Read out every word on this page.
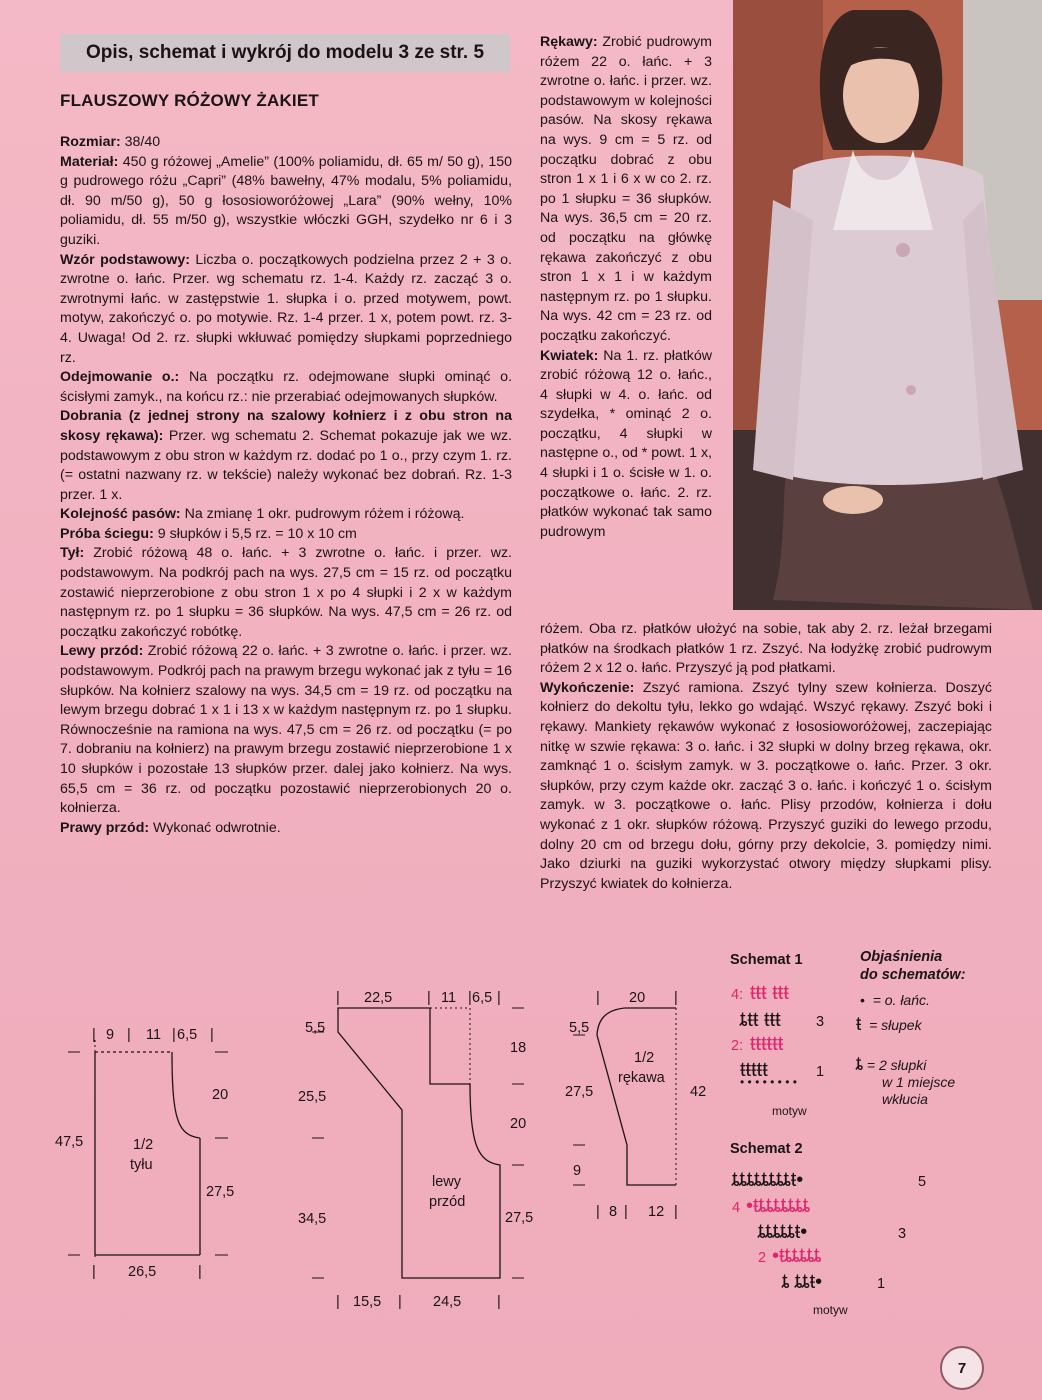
Opis, schemat i wykrój do modelu 3 ze str. 5
FLAUSZOWY RÓŻOWY ŻAKIET

Rozmiar: 38/40

Materiał: 450 g różowej „Amelie” (100% poliamidu, dł. 65 m/ 50 g), 150 g pudrowego różu „Capri” (48% bawełny, 47% modalu, 5% poliamidu, dł. 90 m/50 g), 50 g łososioworóżowej „Lara” (90% wełny, 10% poliamidu, dł. 55 m/50 g), wszystkie włóczki GGH, szydełko nr 6 i 3 guziki.

Wzór podstawowy: Liczba o. początkowych podzielna przez 2 + 3 o. zwrotne o. łańc. Przer. wg schematu rz. 1-4. Każdy rz. zacząć 3 o. zwrotnymi łańc. w zastępstwie 1. słupka i o. przed motywem, powt. motyw, zakończyć o. po motywie. Rz. 1-4 przer. 1 x, potem powt. rz. 3-4. Uwaga! Od 2. rz. słupki wkłuwać pomiędzy słupkami poprzedniego rz.

Odejmowanie o.: Na początku rz. odejmowane słupki ominąć o. ścisłymi zamyk., na końcu rz.: nie przerabiać odejmowanych słupków.

Dobrania (z jednej strony na szalowy kołnierz i z obu stron na skosy rękawa): Przer. wg schematu 2. Schemat pokazuje jak we wz. podstawowym z obu stron w każdym rz. dodać po 1 o., przy czym 1. rz. (= ostatni nazwany rz. w tekście) należy wykonać bez dobrań. Rz. 1-3 przer. 1 x.

Kolejność pasów: Na zmianę 1 okr. pudrowym różem i różową.

Próba ściegu: 9 słupków i 5,5 rz. = 10 x 10 cm

Tył: Zrobić różową 48 o. łańc. + 3 zwrotne o. łańc. i przer. wz. podstawowym. Na podkrój pach na wys. 27,5 cm = 15 rz. od początku zostawić nieprzerobione z obu stron 1 x po 4 słupki i 2 x w każdym następnym rz. po 1 słupku = 36 słupków. Na wys. 47,5 cm = 26 rz. od początku zakończyć robótkę.

Lewy przód: Zrobić różową 22 o. łańc. + 3 zwrotne o. łańc. i przer. wz. podstawowym. Podkrój pach na prawym brzegu wykonać jak z tyłu = 16 słupków. Na kołnierz szalowy na wys. 34,5 cm = 19 rz. od początku na lewym brzegu dobrać 1 x 1 i 13 x w każdym następnym rz. po 1 słupku. Równocześnie na ramiona na wys. 47,5 cm = 26 rz. od początku (= po 7. dobraniu na kołnierz) na prawym brzegu zostawić nieprzerobione 1 x 10 słupków i pozostałe 13 słupków przer. dalej jako kołnierz. Na wys. 65,5 cm = 36 rz. od początku pozostawić nieprzerobionych 20 o. kołnierza.

Prawy przód: Wykonać odwrotnie.

Rękawy: Zrobić pudrowym różem 22 o. łańc. + 3 zwrotne o. łańc. i przer. wz. podstawowym w kolejności pasów. Na skosy rękawa na wys. 9 cm = 5 rz. od początku dobrać z obu stron 1 x 1 i 6 x w co 2. rz. po 1 słupku = 36 słupków. Na wys. 36,5 cm = 20 rz. od początku na główkę rękawa zakończyć z obu stron 1 x 1 i w każdym następnym rz. po 1 słupku. Na wys. 42 cm = 23 rz. od początku zakończyć.

Kwiatek: Na 1. rz. płatków zrobić różową 12 o. łańc., 4 słupki w 4. o. łańc. od szydełka, * ominąć 2 o. początku, 4 słupki w następne o., od * powt. 1 x, 4 słupki i 1 o. ścisłe w 1. o. początkowe o. łańc. 2. rz. płatków wykonać tak samo pudrowym

różem. Oba rz. płatków ułożyć na sobie, tak aby 2. rz. leżał brzegami płatków na środkach płatków 1 rz. Zszyć. Na łodyżkę zrobić pudrowym różem 2 x 12 o. łańc. Przyszyć ją pod płatkami.

Wykończenie: Zszyć ramiona. Zszyć tylny szew kołnierza. Doszyć kołnierz do dekoltu tyłu, lekko go wdająć. Wszyć rękawy. Zszyć boki i rękawy. Mankiety rękawów wykonać z łososioworóżowej, zaczepiając nitkę w szwie rękawa: 3 o. łańc. i 32 słupki w dolny brzeg rękawa, okr. zamknąć 1 o. ścisłym zamyk. w 3. początkowe o. łańc. Przer. 3 okr. słupków, przy czym każde okr. zacząć 3 o. łańc. i kończyć 1 o. ścisłym zamyk. w 3. początkowe o. łańc. Plisy przodów, kołnierza i dołu wykonać z 1 okr. słupków różową. Przyszyć guziki do lewego przodu, dolny 20 cm od brzegu dołu, górny przy dekolcie, 3. pomiędzy nimi. Jako dziurki na guziki wykorzystać otwory między słupkami plisy. Przyszyć kwiatek do kołnierza.

| 9 | 11 | 6,5 |
20
47,5
27,5
1/2
tyłu
| 26,5	|
| 22,5 | 11 | 6,5 |
5,5
25,5
34,5
18
20
27,5
lewy
przód
| 15,5 | 24,5 |
| 20 |
5,5
27,5
9
42
1/2
rękawa
| 8 | 12 |
4: ŧŧŧ ŧŧŧ
ȶŧŧ ŧŧŧ 3
2: ŧŧŧŧŧŧ
ŧŧŧŧŧ	1
• • • • • • • •
motyw
ȶȶȶȶȶȶȶȶŧ•	5
4 •ŧȶȶȶȶȶȶȶ
ȶȶȶȶȶŧ•	3
2 •ŧȶȶȶȶȶ
ȶ ȶȶŧ•	1
motyw
Schemat 1
Schemat 2
Objaśnienia
do schematów:
• = o. łańc.
ŧ = słupek
ȶ = 2 słupki
w 1 miejsce
wkłucia
7
